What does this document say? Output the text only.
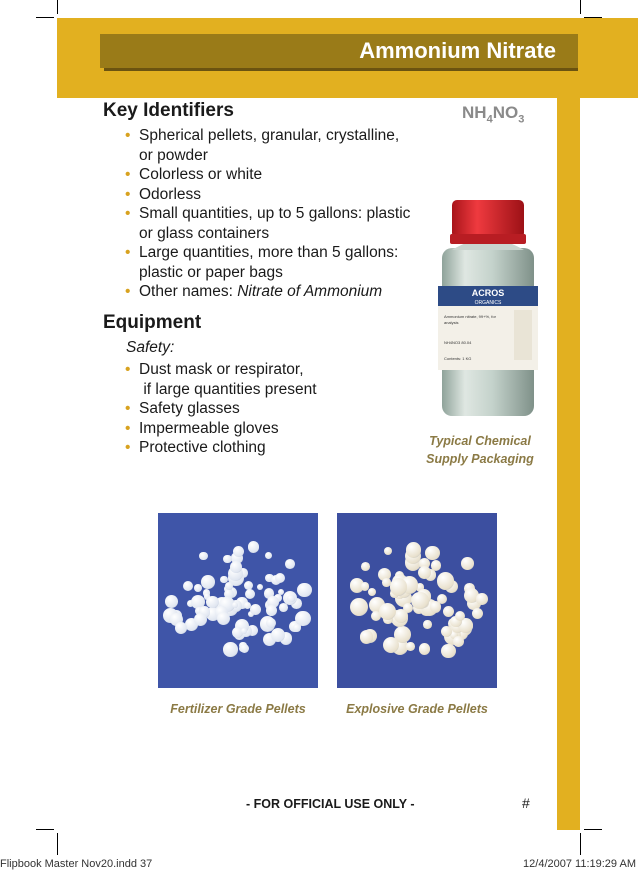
Ammonium Nitrate
Key Identifiers	$NH_4NO_3$
• Spherical pellets, granular, crystalline,
or powder
• Colorless or white
• Odorless
• Small quantities, up to 5 gallons: plastic
or glass containers
• Large quantities, more than 5 gallons:
plastic or paper bags
• Other names: Nitrate of Ammonium
Equipment
Safety:
• Dust mask or respirator,
if large quantities present
• Safety glasses
• Impermeable gloves
• Protective clothing
ACROS
ORGANICS
Ammonium nitrate, 99+%, for
analysis
NH4NO3 80.04
Contents: 1 KG
Typical Chemical
Supply Packaging
Fertilizer Grade Pellets	Explosive Grade Pellets
- FOR OFFICIAL USE ONLY -	#
Flipbook Master Nov20.indd 37	12/4/2007 11:19:29 AM
